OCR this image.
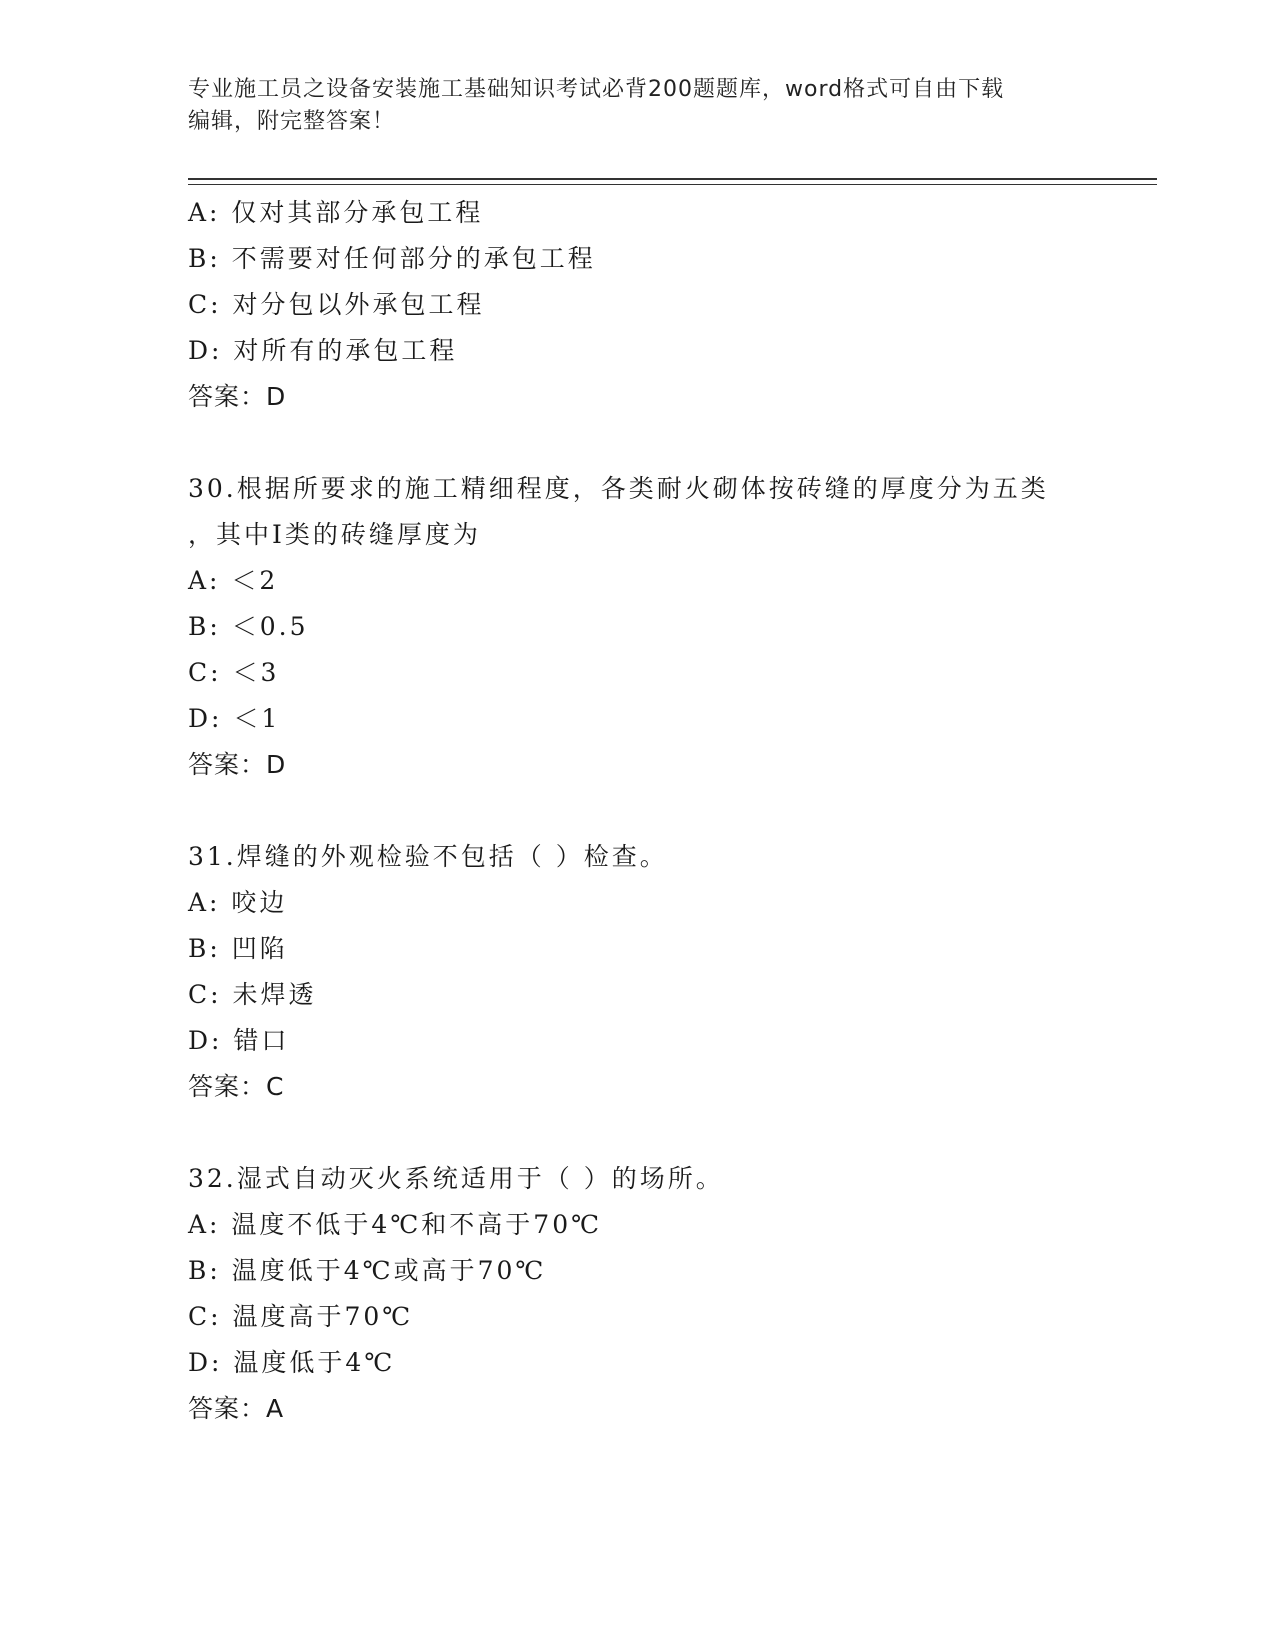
专业施工员之设备安装施工基础知识考试必背200题题库，word格式可自由下载
编辑，附完整答案！
A: 仅对其部分承包工程
B: 不需要对任何部分的承包工程
C: 对分包以外承包工程
D: 对所有的承包工程
答案：D
30.根据所要求的施工精细程度，各类耐火砌体按砖缝的厚度分为五类
，其中Ⅰ类的砖缝厚度为
A: ＜2
B: ＜0.5
C: ＜3
D: ＜1
答案：D
31.焊缝的外观检验不包括（ ）检查。
A: 咬边
B: 凹陷
C: 未焊透
D: 错口
答案：C
32.湿式自动灭火系统适用于（ ）的场所。
A: 温度不低于4℃和不高于70℃
B: 温度低于4℃或高于70℃
C: 温度高于70℃
D: 温度低于4℃
答案：A
